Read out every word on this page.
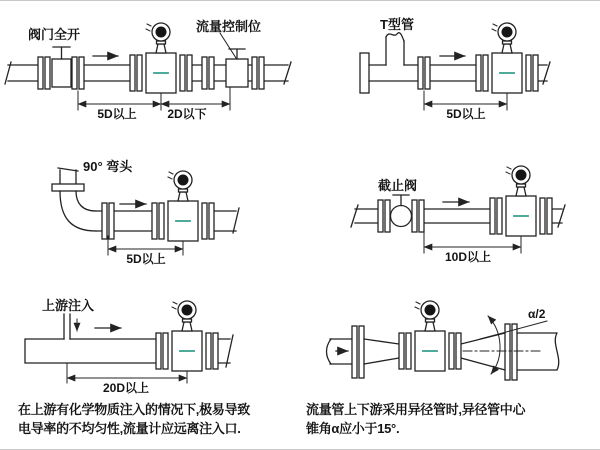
阀门全开
流量控制位
5D以上	2D以下
T型管
5D以上
90° 弯头
5D以上
截止阀
10D以上
上游注入
20D以上
α/2
在上游有化学物质注入的情况下,极易导致
电导率的不均匀性,流量计应远离注入口.
流量管上下游采用异径管时,异径管中心
锥角α应小于15°.
